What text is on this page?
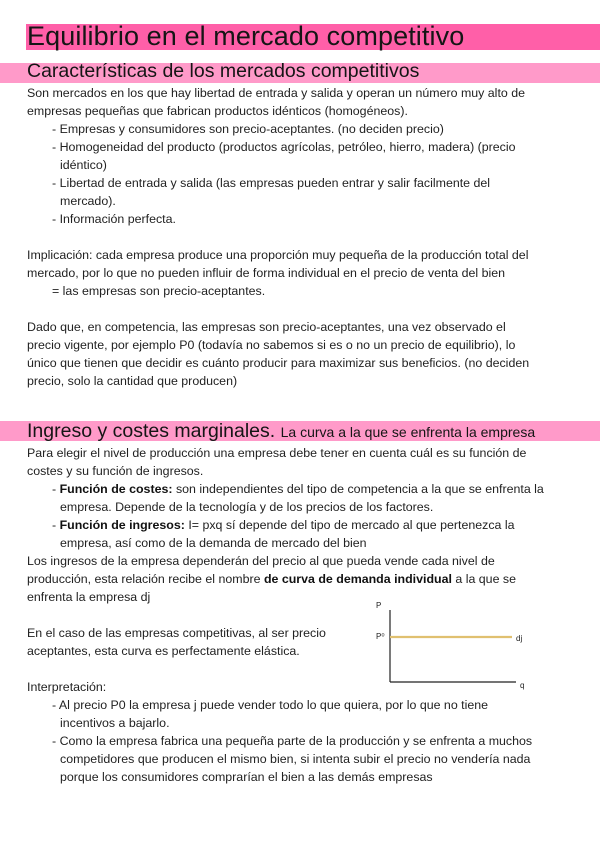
Equilibrio en el mercado competitivo
Características de los mercados competitivos

Son mercados en los que hay libertad de entrada y salida y operan un número muy alto de

empresas pequeñas que fabrican productos idénticos (homogéneos).

- Empresas y consumidores son precio-aceptantes. (no deciden precio)

- Homogeneidad del producto (productos agrícolas, petróleo, hierro, madera) (precio

idéntico)

- Libertad de entrada y salida (las empresas pueden entrar y salir facilmente del

mercado).

- Información perfecta.

Implicación: cada empresa produce una proporción muy pequeña de la producción total del

mercado, por lo que no pueden influir de forma individual en el precio de venta del bien

= las empresas son precio-aceptantes.

Dado que, en competencia, las empresas son precio-aceptantes, una vez observado el

precio vigente, por ejemplo P0 (todavía no sabemos si es o no un precio de equilibrio), lo

único que tienen que decidir es cuánto producir para maximizar sus beneficios. (no deciden

precio, solo la cantidad que producen)

Ingreso y costes marginales. La curva a la que se enfrenta la empresa

Para elegir el nivel de producción una empresa debe tener en cuenta cuál es su función de

costes y su función de ingresos.

- Función de costes: son independientes del tipo de competencia a la que se enfrenta la

empresa. Depende de la tecnología y de los precios de los factores.

- Función de ingresos: I= pxq sí depende del tipo de mercado al que pertenezca la

empresa, así como de la demanda de mercado del bien

Los ingresos de la empresa dependerán del precio al que pueda vende cada nivel de

producción, esta relación recibe el nombre de curva de demanda individual a la que se

enfrenta la empresa dj

En el caso de las empresas competitivas, al ser precio

aceptantes, esta curva es perfectamente elástica.

Interpretación:

- Al precio P0 la empresa j puede vender todo lo que quiera, por lo que no tiene

incentivos a bajarlo.

- Como la empresa fabrica una pequeña parte de la producción y se enfrenta a muchos

competidores que producen el mismo bien, si intenta subir el precio no vendería nada

porque los consumidores comprarían el bien a las demás empresas

P
q
P⁰	dj
